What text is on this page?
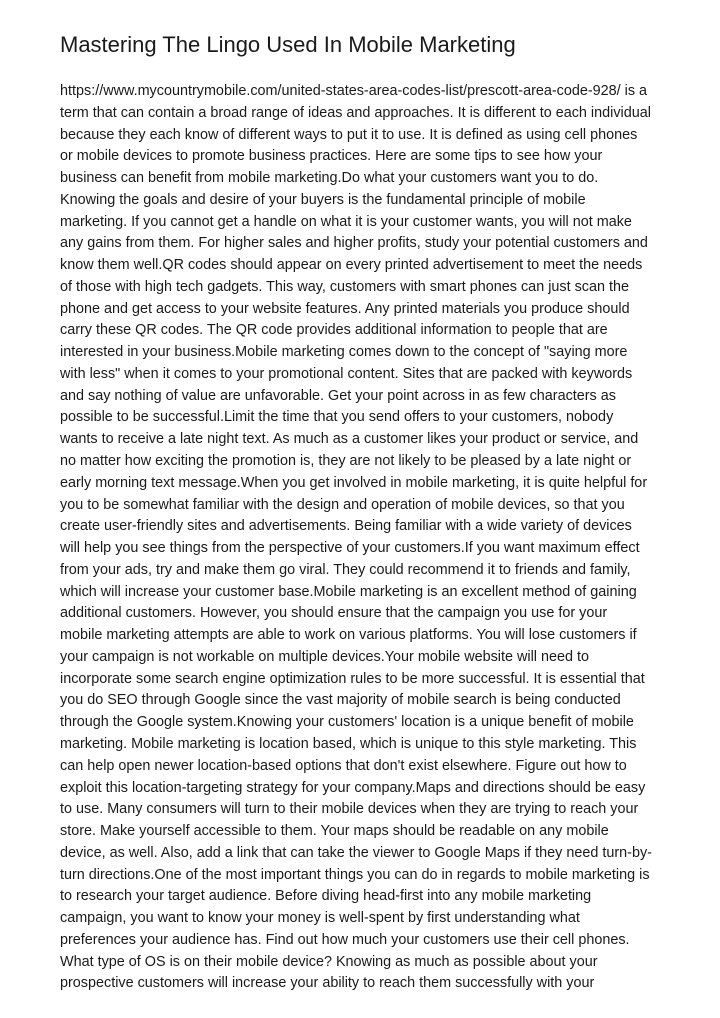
Mastering The Lingo Used In Mobile Marketing
https://www.mycountrymobile.com/united-states-area-codes-list/prescott-area-code-928/ is a
term that can contain a broad range of ideas and approaches. It is different to each individual
because they each know of different ways to put it to use. It is defined as using cell phones
or mobile devices to promote business practices. Here are some tips to see how your
business can benefit from mobile marketing.Do what your customers want you to do.
Knowing the goals and desire of your buyers is the fundamental principle of mobile
marketing. If you cannot get a handle on what it is your customer wants, you will not make
any gains from them. For higher sales and higher profits, study your potential customers and
know them well.QR codes should appear on every printed advertisement to meet the needs
of those with high tech gadgets. This way, customers with smart phones can just scan the
phone and get access to your website features. Any printed materials you produce should
carry these QR codes. The QR code provides additional information to people that are
interested in your business.Mobile marketing comes down to the concept of "saying more
with less" when it comes to your promotional content. Sites that are packed with keywords
and say nothing of value are unfavorable. Get your point across in as few characters as
possible to be successful.Limit the time that you send offers to your customers, nobody
wants to receive a late night text. As much as a customer likes your product or service, and
no matter how exciting the promotion is, they are not likely to be pleased by a late night or
early morning text message.When you get involved in mobile marketing, it is quite helpful for
you to be somewhat familiar with the design and operation of mobile devices, so that you
create user-friendly sites and advertisements. Being familiar with a wide variety of devices
will help you see things from the perspective of your customers.If you want maximum effect
from your ads, try and make them go viral. They could recommend it to friends and family,
which will increase your customer base.Mobile marketing is an excellent method of gaining
additional customers. However, you should ensure that the campaign you use for your
mobile marketing attempts are able to work on various platforms. You will lose customers if
your campaign is not workable on multiple devices.Your mobile website will need to
incorporate some search engine optimization rules to be more successful. It is essential that
you do SEO through Google since the vast majority of mobile search is being conducted
through the Google system.Knowing your customers' location is a unique benefit of mobile
marketing. Mobile marketing is location based, which is unique to this style marketing. This
can help open newer location-based options that don't exist elsewhere. Figure out how to
exploit this location-targeting strategy for your company.Maps and directions should be easy
to use. Many consumers will turn to their mobile devices when they are trying to reach your
store. Make yourself accessible to them. Your maps should be readable on any mobile
device, as well. Also, add a link that can take the viewer to Google Maps if they need turn-by-
turn directions.One of the most important things you can do in regards to mobile marketing is
to research your target audience. Before diving head-first into any mobile marketing
campaign, you want to know your money is well-spent by first understanding what
preferences your audience has. Find out how much your customers use their cell phones.
What type of OS is on their mobile device? Knowing as much as possible about your
prospective customers will increase your ability to reach them successfully with your
